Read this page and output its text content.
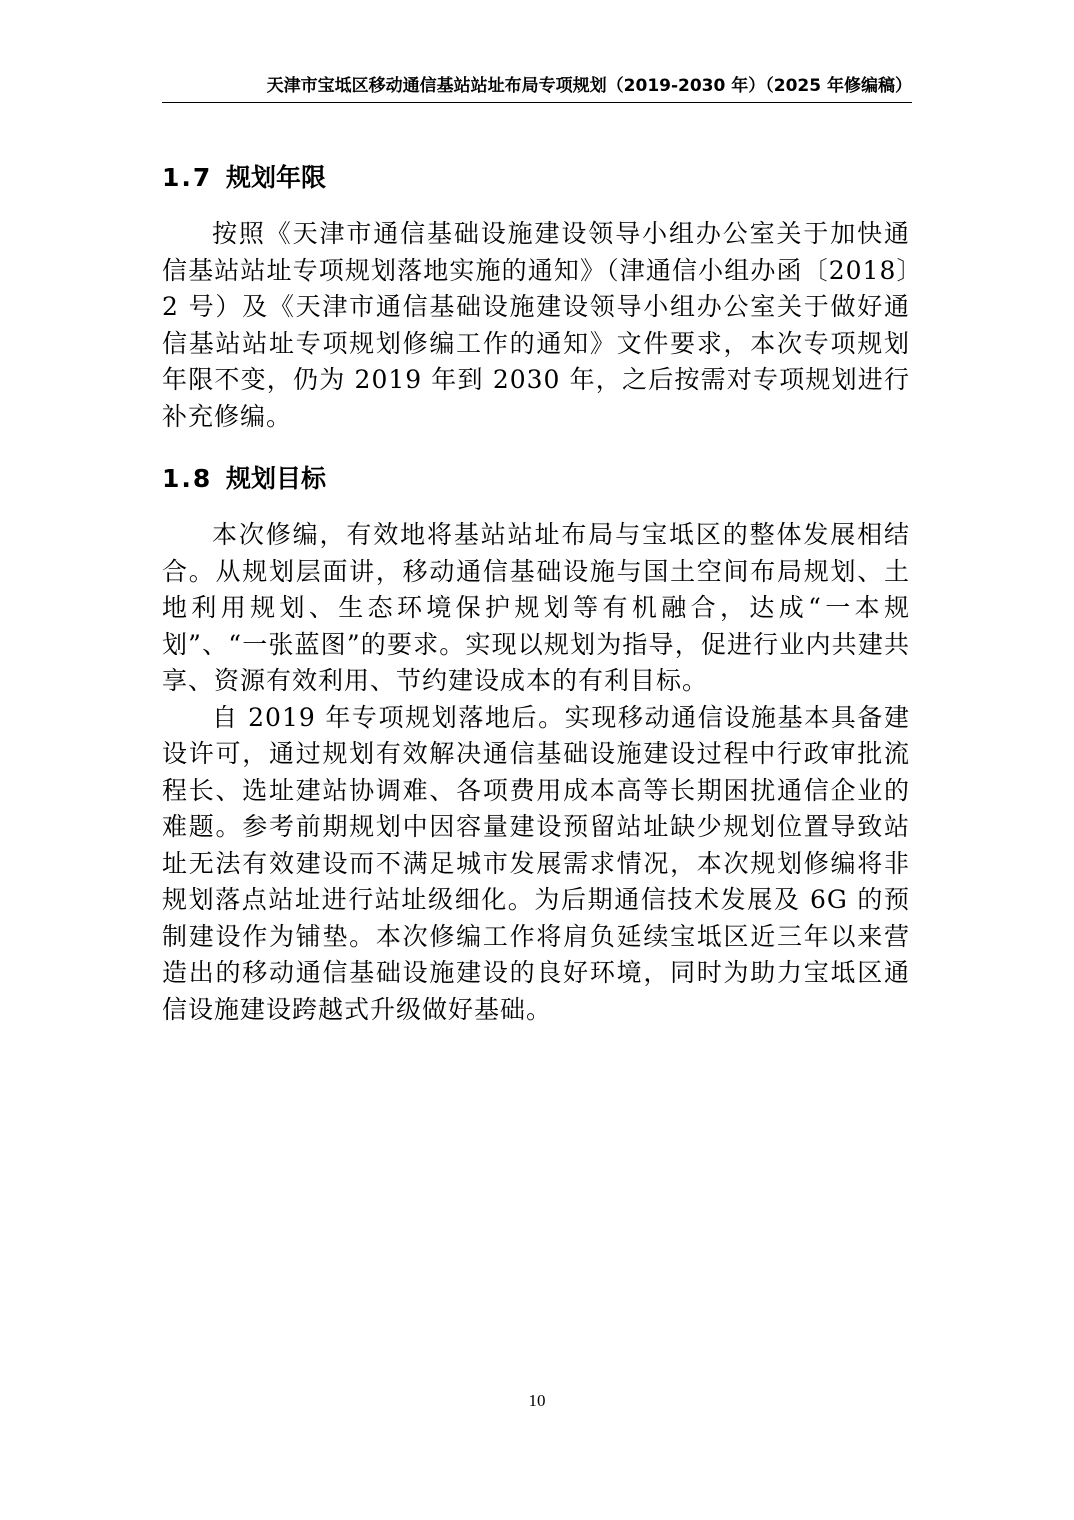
天津市宝坻区移动通信基站站址布局专项规划（2019-2030 年）（2025 年修编稿）
1.7 规划年限

按照《天津市通信基础设施建设领导小组办公室关于加快通信基站站址专项规划落地实施的通知》（津通信小组办函〔2018〕2 号）及《天津市通信基础设施建设领导小组办公室关于做好通信基站站址专项规划修编工作的通知》文件要求，本次专项规划年限不变，仍为 2019 年到 2030 年，之后按需对专项规划进行补充修编。

1.8 规划目标

本次修编，有效地将基站站址布局与宝坻区的整体发展相结合。从规划层面讲，移动通信基础设施与国土空间布局规划、土地利用规划、生态环境保护规划等有机融合，达成“一本规划”、“一张蓝图”的要求。实现以规划为指导，促进行业内共建共享、资源有效利用、节约建设成本的有利目标。

自 2019 年专项规划落地后。实现移动通信设施基本具备建设许可，通过规划有效解决通信基础设施建设过程中行政审批流程长、选址建站协调难、各项费用成本高等长期困扰通信企业的难题。参考前期规划中因容量建设预留站址缺少规划位置导致站址无法有效建设而不满足城市发展需求情况，本次规划修编将非规划落点站址进行站址级细化。为后期通信技术发展及 6G 的预制建设作为铺垫。本次修编工作将肩负延续宝坻区近三年以来营造出的移动通信基础设施建设的良好环境，同时为助力宝坻区通信设施建设跨越式升级做好基础。

10
